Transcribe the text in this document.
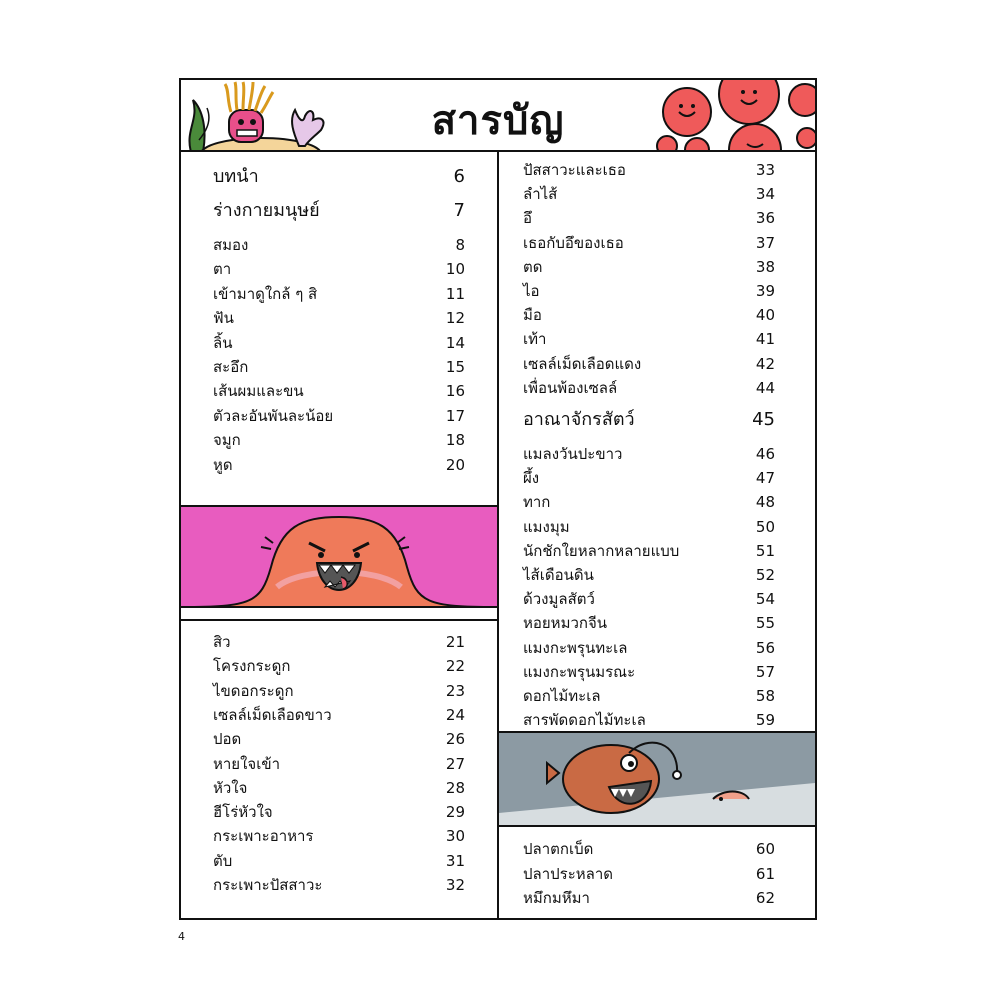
สารบัญ
บทนำ	6
ร่างกายมนุษย์	7
สมอง	8
ตา	10
เข้ามาดูใกล้ ๆ สิ	11
ฟัน	12
ลิ้น	14
สะอึก	15
เส้นผมและขน	16
ตัวละอันพันละน้อย	17
จมูก	18
หูด	20
สิว	21
โครงกระดูก	22
ไขดอกระดูก	23
เซลล์เม็ดเลือดขาว	24
ปอด	26
หายใจเข้า	27
หัวใจ	28
ฮีโร่หัวใจ	29
กระเพาะอาหาร	30
ตับ	31
กระเพาะปัสสาวะ	32
ปัสสาวะและเธอ	33
ลำไส้	34
อึ	36
เธอกับอึของเธอ	37
ตด	38
ไอ	39
มือ	40
เท้า	41
เซลล์เม็ดเลือดแดง	42
เพื่อนพ้องเซลล์	44
อาณาจักรสัตว์	45
แมลงวันปะขาว	46
ผึ้ง	47
ทาก	48
แมงมุม	50
นักชักใยหลากหลายแบบ	51
ไส้เดือนดิน	52
ด้วงมูลสัตว์	54
หอยหมวกจีน	55
แมงกะพรุนทะเล	56
แมงกะพรุนมรณะ	57
ดอกไม้ทะเล	58
สารพัดดอกไม้ทะเล	59
ปลาตกเบ็ด	60
ปลาประหลาด	61
หมึกมหึมา	62
4
